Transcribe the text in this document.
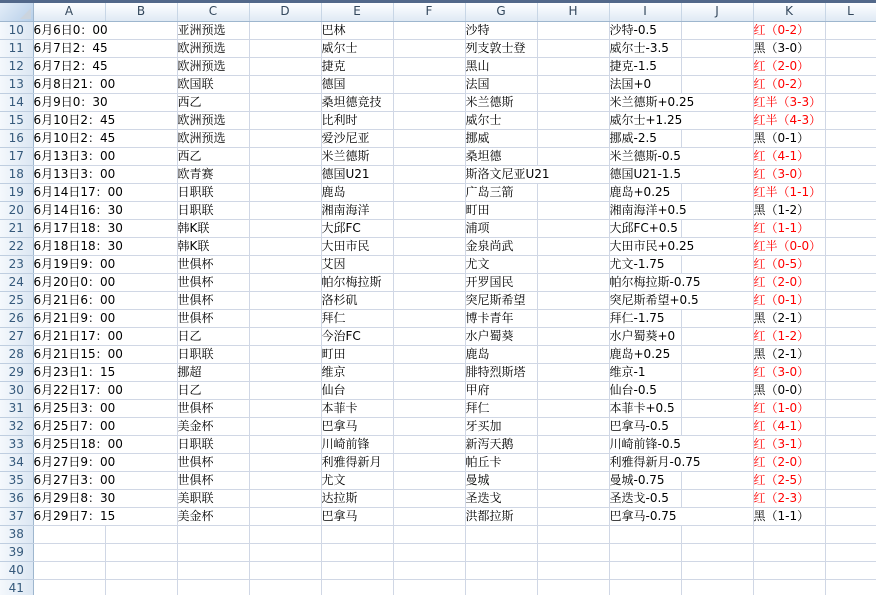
	A	B	C	D	E	F	G	H	I	J	K	L
10	6月6日0：00		亚洲预选		巴林		沙特		沙特-0.5		红（0-2）	
11	6月7日2：45		欧洲预选		威尔士		列支敦士登		威尔士-3.5		黑（3-0）	
12	6月7日2：45		欧洲预选		捷克		黑山		捷克-1.5		红（2-0）	
13	6月8日21：00		欧国联		德国		法国		法国+0		红（0-2）	
14	6月9日0：30		西乙		桑坦德竞技		米兰德斯		米兰德斯+0.25		红半（3-3）	
15	6月10日2：45		欧洲预选		比利时		威尔士		威尔士+1.25		红半（4-3）	
16	6月10日2：45		欧洲预选		爱沙尼亚		挪威		挪威-2.5		黑（0-1）	
17	6月13日3：00		西乙		米兰德斯		桑坦德		米兰德斯-0.5		红（4-1）	
18	6月13日3：00		欧青赛		德国U21		斯洛文尼亚U21		德国U21-1.5		红（3-0）	
19	6月14日17：00		日职联		鹿岛		广岛三箭		鹿岛+0.25		红半（1-1）	
20	6月14日16：30		日职联		湘南海洋		町田		湘南海洋+0.5		黑（1-2）	
21	6月17日18：30		韩K联		大邱FC		浦项		大邱FC+0.5		红（1-1）	
22	6月18日18：30		韩K联		大田市民		金泉尚武		大田市民+0.25		红半（0-0）	
23	6月19日9：00		世俱杯		艾因		尤文		尤文-1.75		红（0-5）	
24	6月20日0：00		世俱杯		帕尔梅拉斯		开罗国民		帕尔梅拉斯-0.75		红（2-0）	
25	6月21日6：00		世俱杯		洛杉矶		突尼斯希望		突尼斯希望+0.5		红（0-1）	
26	6月21日9：00		世俱杯		拜仁		博卡青年		拜仁-1.75		黑（2-1）	
27	6月21日17：00		日乙		今治FC		水户蜀葵		水户蜀葵+0		红（1-2）	
28	6月21日15：00		日职联		町田		鹿岛		鹿岛+0.25		黑（2-1）	
29	6月23日1：15		挪超		维京		腓特烈斯塔		维京-1		红（3-0）	
30	6月22日17：00		日乙		仙台		甲府		仙台-0.5		黑（0-0）	
31	6月25日3：00		世俱杯		本菲卡		拜仁		本菲卡+0.5		红（1-0）	
32	6月25日7：00		美金杯		巴拿马		牙买加		巴拿马-0.5		红（4-1）	
33	6月25日18：00		日职联		川崎前锋		新泻天鹅		川崎前锋-0.5		红（3-1）	
34	6月27日9：00		世俱杯		利雅得新月		帕丘卡		利雅得新月-0.75		红（2-0）	
35	6月27日3：00		世俱杯		尤文		曼城		曼城-0.75		红（2-5）	
36	6月29日8：30		美职联		达拉斯		圣迭戈		圣迭戈-0.5		红（2-3）	
37	6月29日7：15		美金杯		巴拿马		洪都拉斯		巴拿马-0.75		黑（1-1）	
38												
39												
40												
41												
